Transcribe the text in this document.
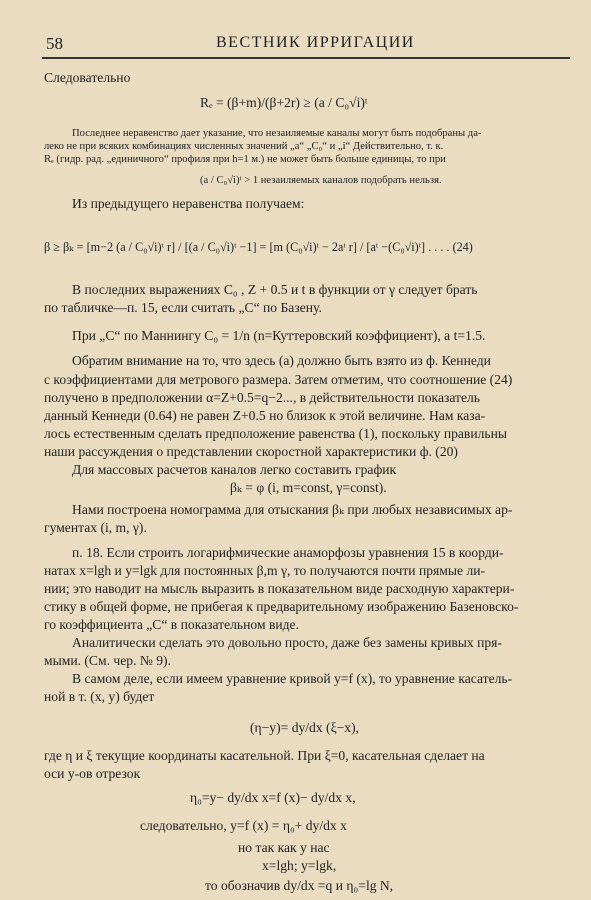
58	ВЕСТНИК ИРРИГАЦИИ
Следовательно
Rₑ = (β+m)/(β+2r) ≥ (a / C₀√i)ᵗ
Последнее неравенство дает указание, что незаиляемые каналы могут быть подобраны да-
леко не при всяких комбинациях численных значений „a“ „C₀“ и „i“ Действительно, т. к.
Rₑ (гидр. рад. „единичного“ профиля при h=1 м.) не может быть больше единицы, то при
(a / C₀√i)ᵗ > 1 незаиляемых каналов подобрать нельзя.
Из предыдущего неравенства получаем:
β ≥ βₖ = [m−2 (a / C₀√i)ᵗ r] / [(a / C₀√i)ᵗ −1] = [m (C₀√i)ᵗ − 2aᵗ r] / [aᵗ −(C₀√i)ᵗ] . . . . (24)
В последних выражениях C₀ , Z + 0.5 и t в функции от γ следует брать
по табличке—п. 15, если считать „C“ по Базену.
При „C“ по Маннингу C₀ = 1/n (n=Куттеровский коэффициент), а t=1.5.
Обратим внимание на то, что здесь (a) должно быть взято из ф. Кеннеди
с коэффициентами для метрового размера. Затем отметим, что соотношение (24)
получено в предположении α=Z+0.5=q−2..., в действительности показатель
данный Кеннеди (0.64) не равен Z+0.5 но близок к этой величине. Нам каза-
лось естественным сделать предположение равенства (1), поскольку правильны
наши рассуждения о представлении скоростной характеристики ф. (20)
Для массовых расчетов каналов легко составить график
βₖ = φ (i, m=const, γ=const).
Нами построена номограмма для отыскания βₖ при любых независимых ар-
гументах (i, m, γ).
п. 18. Если строить логарифмические анаморфозы уравнения 15 в коорди-
натах x=lgh и y=lgk для постоянных β,m γ, то получаются почти прямые ли-
нии; это наводит на мысль выразить в показательном виде расходную характери-
стику в общей форме, не прибегая к предварительному изображению Базеновско-
го коэффициента „C“ в показательном виде.
Аналитически сделать это довольно просто, даже без замены кривых пря-
мыми. (См. чер. № 9).
В самом деле, если имеем уравнение кривой y=f (x), то уравнение касатель-
ной в т. (x, y) будет
(η−y)= dy/dx (ξ−x),
где η и ξ текущие координаты касательной. При ξ=0, касательная сделает на
оси y-ов отрезок
η₀=y− dy/dx x=f (x)− dy/dx x,
следовательно, y=f (x) = η₀+ dy/dx x
но так как y нас
x=lgh; y=lgk,
то обозначив dy/dx =q и η₀=lg N,
